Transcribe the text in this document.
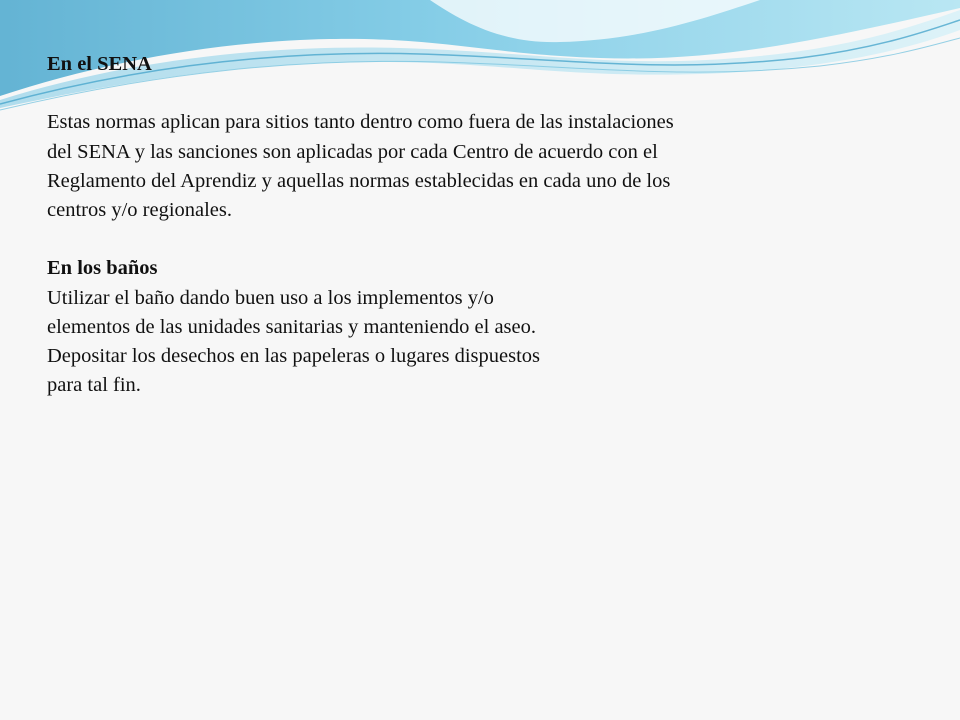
En el SENA

Estas normas aplican para sitios tanto dentro como fuera de las instalaciones

del SENA y las sanciones son aplicadas por cada Centro de acuerdo con el

Reglamento del Aprendiz y aquellas normas establecidas en cada uno de los

centros y/o regionales.

En los baños

Utilizar el baño dando buen uso a los implementos y/o

elementos de las unidades sanitarias y manteniendo el aseo.

Depositar los desechos en las papeleras o lugares dispuestos

para tal fin.
